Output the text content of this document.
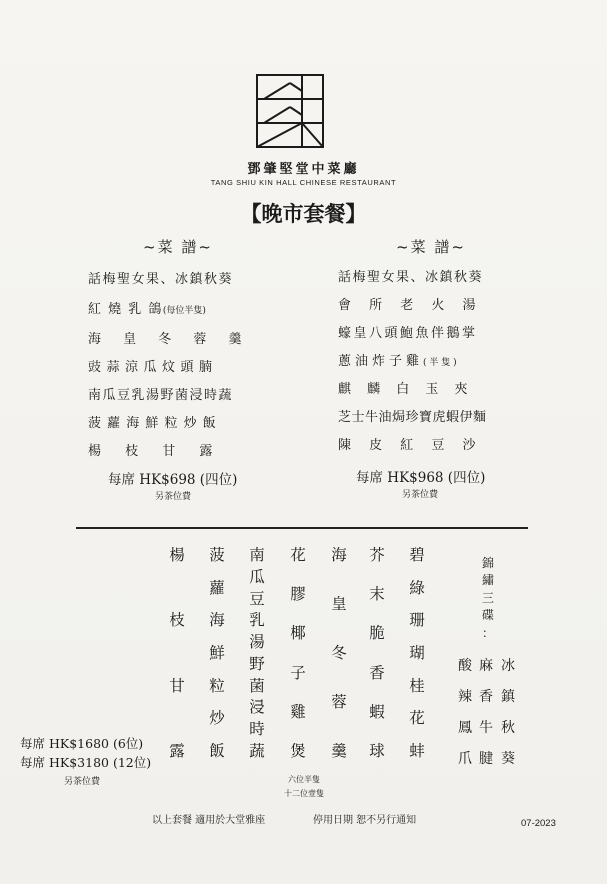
鄧肇堅堂中菜廳
TANG SHIU KIN HALL CHINESE RESTAURANT
【晚市套餐】
~菜 譜~
話梅聖女果、冰鎮秋葵
紅 燒 乳 鴿(每位半隻)
海 皇 冬 蓉 羹
豉蒜涼瓜炆頭腩
南瓜豆乳湯野菌浸時蔬
菠 蘿 海 鮮 粒 炒 飯
楊 枝 甘 露
每席 HK$698 (四位)
另茶位費
~菜 譜~
話梅聖女果、冰鎮秋葵
會 所 老 火 湯
蠔皇八頭鮑魚伴鵝掌
蔥油炸子雞( 半 隻 )
麒 麟 白 玉 夾
芝士牛油焗珍寶虎蝦伊麵
陳 皮 紅 豆 沙
每席 HK$968 (四位)
另茶位費
碧
綠
珊
瑚
桂
花
蚌
芥
末
脆
香
蝦
球
海
皇
冬
蓉
羹
花
膠
椰
子
雞
煲
南
瓜
豆
乳
湯
野
菌
浸
時
蔬
菠
蘿
海
鮮
粒
炒
飯
楊
枝
甘
露
錦
繡
三
碟
：
冰
鎮
秋
葵
麻
香
牛
腱
酸
辣
鳳
爪
六位半隻
十二位壹隻
每席 HK$1680 (6位)
每席 HK$3180 (12位)
另茶位費
以上套餐 適用於大堂雅座	停用日期 恕不另行通知	07-2023
